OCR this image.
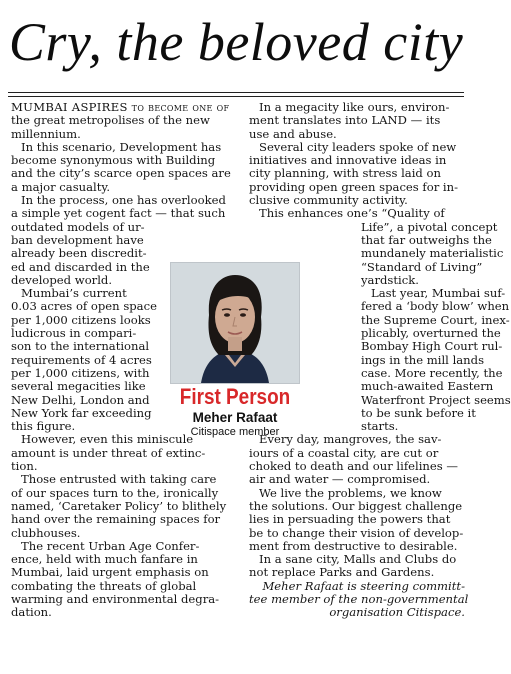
Cry, the beloved city

MUMBAI ASPIRES to become one of
the great metropolises of the new
millennium.

In this scenario, Development has
become synonymous with Building
and the city’s scarce open spaces are
a major casualty.

In the process, one has overlooked
a simple yet cogent fact — that such
outdated models of ur-
ban development have
already been discredit-
ed and discarded in the
developed world.

Mumbai’s current
0.03 acres of open space
per 1,000 citizens looks
ludicrous in compari-
son to the international
requirements of 4 acres
per 1,000 citizens, with
several megacities like
New Delhi, London and
New York far exceeding
this figure.

However, even this miniscule
amount is under threat of extinc-
tion.

Those entrusted with taking care
of our spaces turn to the, ironically
named, ‘Caretaker Policy’ to blithely
hand over the remaining spaces for
clubhouses.

The recent Urban Age Confer-
ence, held with much fanfare in
Mumbai, laid urgent emphasis on
combating the threats of global
warming and environmental degra-
dation.

In a megacity like ours, environ-
ment translates into LAND — its
use and abuse.

Several city leaders spoke of new
initiatives and innovative ideas in
city planning, with stress laid on
providing open green spaces for in-
clusive community activity.

This enhances one’s “Quality of

Life”, a pivotal concept
that far outweighs the
mundanely materialistic
“Standard of Living”
yardstick.

Last year, Mumbai suf-
fered a ‘body blow’ when
the Supreme Court, inex-
plicably, overturned the
Bombay High Court rul-
ings in the mill lands
case. More recently, the
much-awaited Eastern
Waterfront Project seems
to be sunk before it
starts.

Every day, mangroves, the sav-
iours of a coastal city, are cut or
choked to death and our lifelines —
air and water — compromised.

We live the problems, we know
the solutions. Our biggest challenge
lies in persuading the powers that
be to change their vision of develop-
ment from destructive to desirable.

In a sane city, Malls and Clubs do
not replace Parks and Gardens.

Meher Rafaat is steering committ-
tee member of the non-governmental
organisation Citispace.

First Person
Meher Rafaat
Citispace member
